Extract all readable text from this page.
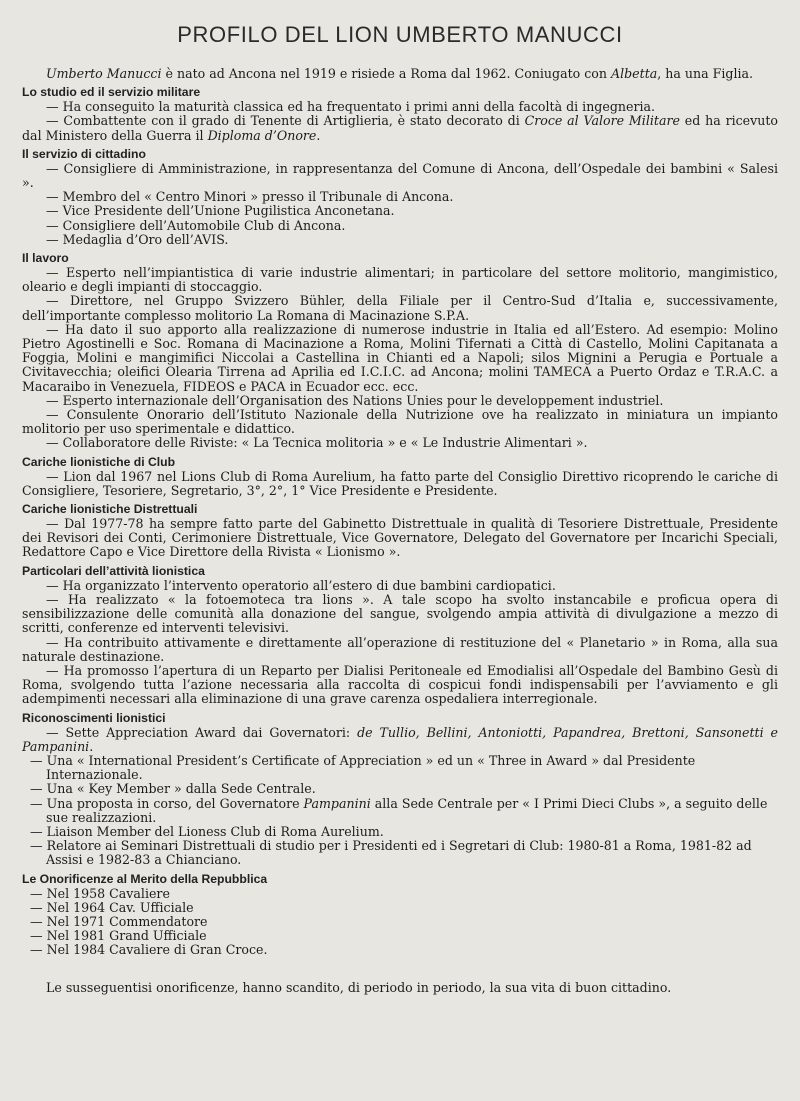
PROFILO DEL LION UMBERTO MANUCCI

Umberto Manucci è nato ad Ancona nel 1919 e risiede a Roma dal 1962. Coniugato con Albetta, ha una Figlia.

Lo studio ed il servizio militare

— Ha conseguito la maturità classica ed ha frequentato i primi anni della facoltà di ingegneria.

— Combattente con il grado di Tenente di Artiglieria, è stato decorato di Croce al Valore Militare ed ha ricevuto dal Ministero della Guerra il Diploma d’Onore.

Il servizio di cittadino

— Consigliere di Amministrazione, in rappresentanza del Comune di Ancona, dell’Ospedale dei bambini « Salesi ».

— Membro del « Centro Minori » presso il Tribunale di Ancona.

— Vice Presidente dell’Unione Pugilistica Anconetana.

— Consigliere dell’Automobile Club di Ancona.

— Medaglia d’Oro dell’AVIS.

Il lavoro

— Esperto nell’impiantistica di varie industrie alimentari; in particolare del settore molitorio, mangimistico, oleario e degli impianti di stoccaggio.

— Direttore, nel Gruppo Svizzero Bühler, della Filiale per il Centro-Sud d’Italia e, successivamente, dell’importante complesso molitorio La Romana di Macinazione S.P.A.

— Ha dato il suo apporto alla realizzazione di numerose industrie in Italia ed all’Estero. Ad esempio: Molino Pietro Agostinelli e Soc. Romana di Macinazione a Roma, Molini Tifernati a Città di Castello, Molini Capitanata a Foggia, Molini e mangimifici Niccolai a Castellina in Chianti ed a Napoli; silos Mignini a Perugia e Portuale a Civitavecchia; oleifici Olearia Tirrena ad Aprilia ed I.C.I.C. ad Ancona; molini TAMECA a Puerto Ordaz e T.R.A.C. a Macaraibo in Venezuela, FIDEOS e PACA in Ecuador ecc. ecc.

— Esperto internazionale dell’Organisation des Nations Unies pour le developpement industriel.

— Consulente Onorario dell’Istituto Nazionale della Nutrizione ove ha realizzato in miniatura un impianto molitorio per uso sperimentale e didattico.

— Collaboratore delle Riviste: « La Tecnica molitoria » e « Le Industrie Alimentari ».

Cariche lionistiche di Club

— Lion dal 1967 nel Lions Club di Roma Aurelium, ha fatto parte del Consiglio Direttivo ricoprendo le cariche di Consigliere, Tesoriere, Segretario, 3°, 2°, 1° Vice Presidente e Presidente.

Cariche lionistiche Distrettuali

— Dal 1977-78 ha sempre fatto parte del Gabinetto Distrettuale in qualità di Tesoriere Distrettuale, Presidente dei Revisori dei Conti, Cerimoniere Distrettuale, Vice Governatore, Delegato del Governatore per Incarichi Speciali, Redattore Capo e Vice Direttore della Rivista « Lionismo ».

Particolari dell’attività lionistica

— Ha organizzato l’intervento operatorio all’estero di due bambini cardiopatici.

— Ha realizzato « la fotoemoteca tra lions ». A tale scopo ha svolto instancabile e proficua opera di sensibilizzazione delle comunità alla donazione del sangue, svolgendo ampia attività di divulgazione a mezzo di scritti, conferenze ed interventi televisivi.

— Ha contribuito attivamente e direttamente all’operazione di restituzione del « Planetario » in Roma, alla sua naturale destinazione.

— Ha promosso l’apertura di un Reparto per Dialisi Peritoneale ed Emodialisi all’Ospedale del Bambino Gesù di Roma, svolgendo tutta l’azione necessaria alla raccolta di cospicui fondi indispensabili per l’avviamento e gli adempimenti necessari alla eliminazione di una grave carenza ospedaliera interregionale.

Riconoscimenti lionistici

— Sette Appreciation Award dai Governatori: de Tullio, Bellini, Antoniotti, Papandrea, Brettoni, Sansonetti e Pampanini.

— Una « International President’s Certificate of Appreciation » ed un « Three in Award » dal Presidente Internazionale.

— Una « Key Member » dalla Sede Centrale.

— Una proposta in corso, del Governatore Pampanini alla Sede Centrale per « I Primi Dieci Clubs », a seguito delle sue realizzazioni.

— Liaison Member del Lioness Club di Roma Aurelium.

— Relatore ai Seminari Distrettuali di studio per i Presidenti ed i Segretari di Club: 1980-81 a Roma, 1981-82 ad Assisi e 1982-83 a Chianciano.

Le Onorificenze al Merito della Repubblica

— Nel 1958 Cavaliere

— Nel 1964 Cav. Ufficiale

— Nel 1971 Commendatore

— Nel 1981 Grand Ufficiale

— Nel 1984 Cavaliere di Gran Croce.

Le susseguentisi onorificenze, hanno scandito, di periodo in periodo, la sua vita di buon cittadino.
